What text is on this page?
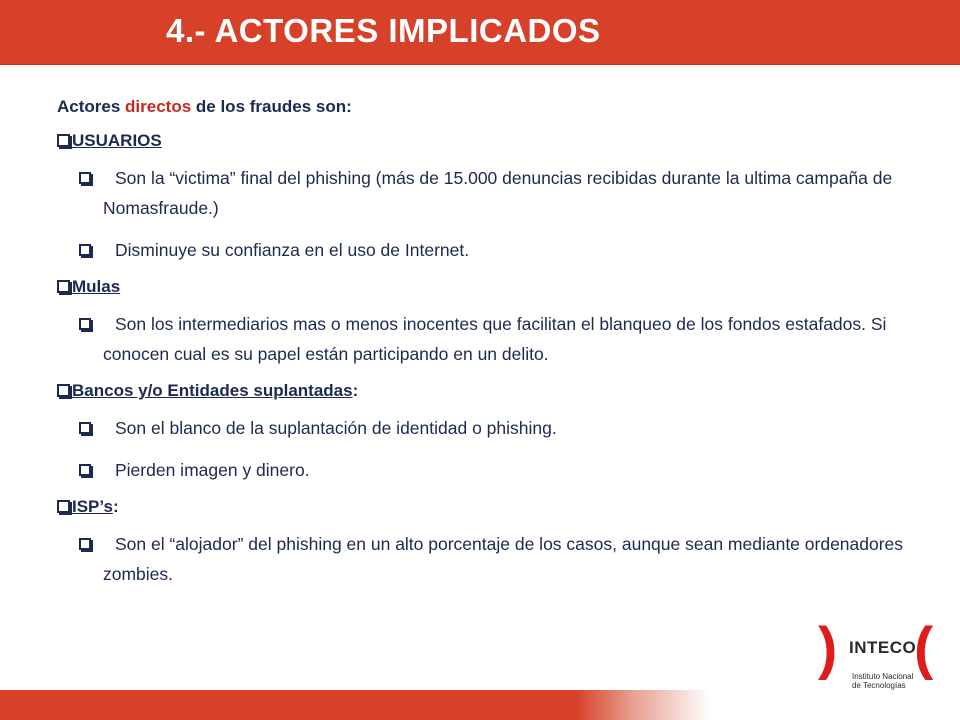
4.- ACTORES IMPLICADOS
Actores directos de los fraudes son:
USUARIOS
Son la “victima” final del phishing (más de 15.000 denuncias recibidas durante la ultima campaña de Nomasfraude.)
Disminuye su confianza en el uso de Internet.
Mulas
Son los intermediarios mas o menos inocentes que facilitan el blanqueo de los fondos estafados. Si conocen cual es su papel están participando en un delito.
Bancos y/o Entidades suplantadas:
Son el blanco de la suplantación de identidad o phishing.
Pierden imagen y dinero.
ISP’s:
Son el “alojador” del phishing en un alto porcentaje de los casos, aunque sean mediante ordenadores zombies.
) INTECO
(
Instituto Nacional
de Tecnologías
